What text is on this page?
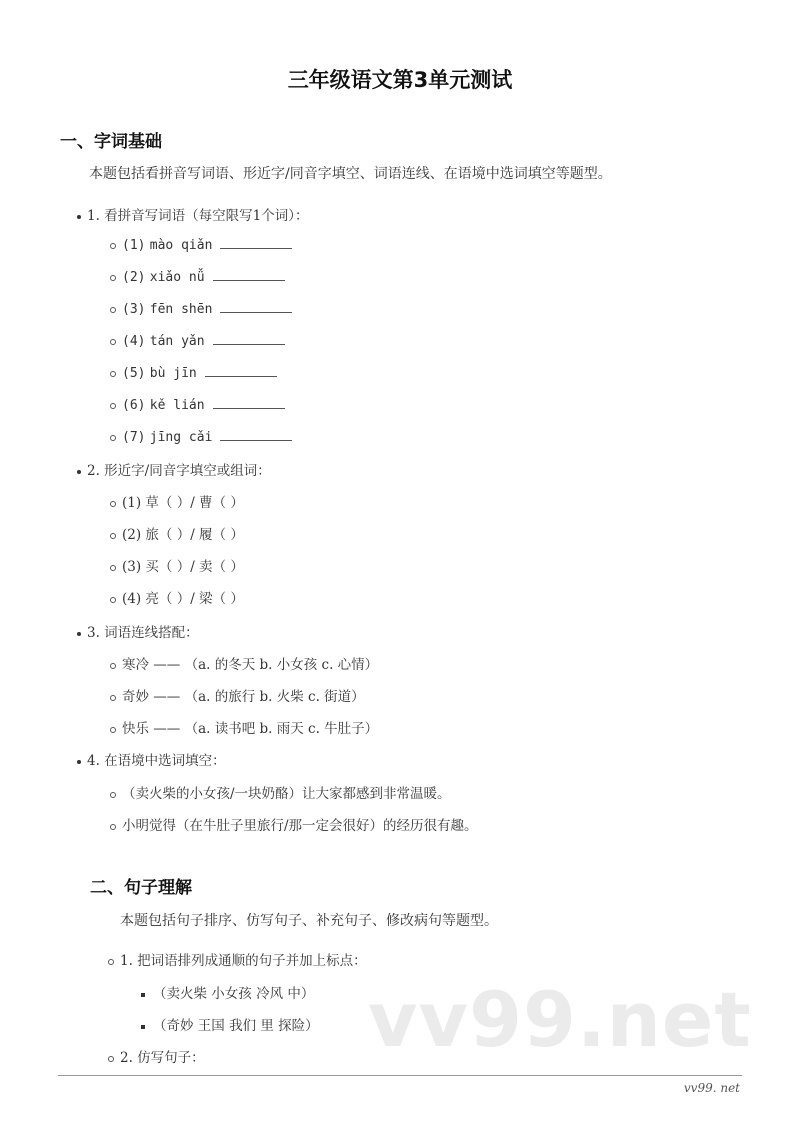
三年级语文第3单元测试
一、字词基础
本题包括看拼音写词语、形近字/同音字填空、词语连线、在语境中选词填空等题型。
1. 看拼音写词语（每空限写1个词）：
(1) mào qiǎn
(2) xiǎo nǚ
(3) fēn shēn
(4) tán yǎn
(5) bù jīn
(6) kě lián
(7) jīng cǎi
2. 形近字/同音字填空或组词：
(1) 草（ ）/ 曹（ ）
(2) 旅（ ）/ 履（ ）
(3) 买（ ）/ 卖（ ）
(4) 亮（ ）/ 梁（ ）
3. 词语连线搭配：
寒冷 —— （a. 的冬天 b. 小女孩 c. 心情）
奇妙 —— （a. 的旅行 b. 火柴 c. 街道）
快乐 —— （a. 读书吧 b. 雨天 c. 牛肚子）
4. 在语境中选词填空：
（卖火柴的小女孩/一块奶酪）让大家都感到非常温暖。
小明觉得（在牛肚子里旅行/那一定会很好）的经历很有趣。
二、句子理解
本题包括句子排序、仿写句子、补充句子、修改病句等题型。
1. 把词语排列成通顺的句子并加上标点：
（卖火柴 小女孩 冷风 中）
（奇妙 王国 我们 里 探险）
2. 仿写句子： vv99.net
vv99. net
